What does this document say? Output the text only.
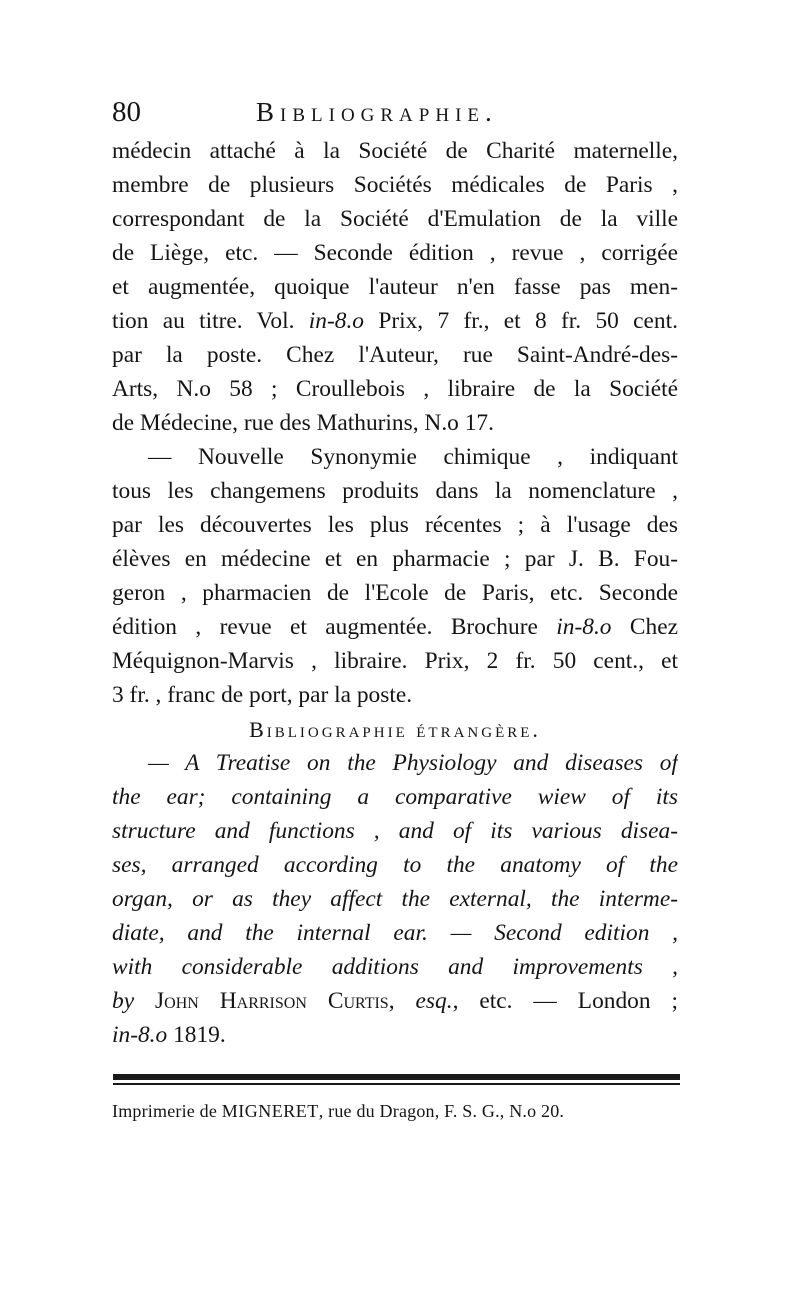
80	Bibliographie.
médecin attaché à la Société de Charité maternelle,
membre de plusieurs Sociétés médicales de Paris ,
correspondant de la Société d'Emulation de la ville
de Liège, etc. — Seconde édition , revue , corrigée
et augmentée, quoique l'auteur n'en fasse pas men-
tion au titre. Vol. in-8.o Prix, 7 fr., et 8 fr. 50 cent.
par la poste. Chez l'Auteur, rue Saint-André-des-
Arts, N.o 58 ; Croullebois , libraire de la Société
de Médecine, rue des Mathurins, N.o 17.
— Nouvelle Synonymie chimique , indiquant
tous les changemens produits dans la nomenclature ,
par les découvertes les plus récentes ; à l'usage des
élèves en médecine et en pharmacie ; par J. B. Fou-
geron , pharmacien de l'Ecole de Paris, etc. Seconde
édition , revue et augmentée. Brochure in-8.o Chez
Méquignon-Marvis , libraire. Prix, 2 fr. 50 cent., et
3 fr. , franc de port, par la poste.
Bibliographie étrangère.
— A Treatise on the Physiology and diseases of
the ear; containing a comparative wiew of its
structure and functions , and of its various disea-
ses, arranged according to the anatomy of the
organ, or as they affect the external, the interme-
diate, and the internal ear. — Second edition ,
with considerable additions and improvements ,
by John Harrison Curtis, esq., etc. — London ;
in-8.o 1819.
Imprimerie de MIGNERET, rue du Dragon, F. S. G., N.o 20.
